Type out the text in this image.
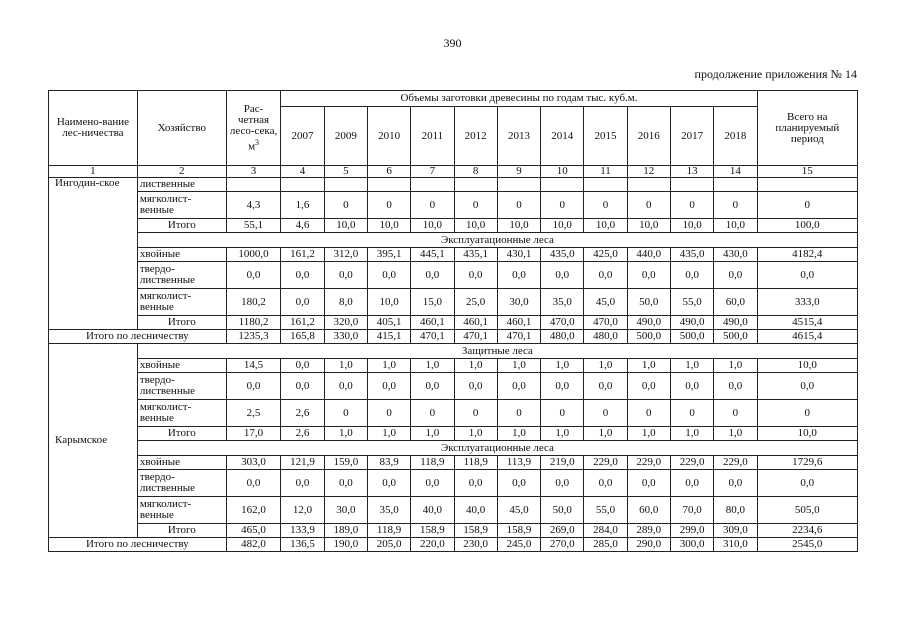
390
продолжение приложения № 14
Наимено-вание лес-ничества	Хозяйство	Рас-четная лесо-сека, $м^3$	Объемы заготовки древесины по годам тыс. куб.м.											Всего на планируемый период
			2007	2009	2010	2011	2012	2013	2014	2015	2016	2017	2018	
1	2	3	4	5	6	7	8	9	10	11	12	13	14	15
Ингодин-ское	лиственные													
	мягколист-венные	4,3	1,6	0	0	0	0	0	0	0	0	0	0	0
	Итого	55,1	4,6	10,0	10,0	10,0	10,0	10,0	10,0	10,0	10,0	10,0	10,0	100,0
	Эксплуатационные леса													
	хвойные	1000,0	161,2	312,0	395,1	445,1	435,1	430,1	435,0	425,0	440,0	435,0	430,0	4182,4
	твердо-лиственные	0,0	0,0	0,0	0,0	0,0	0,0	0,0	0,0	0,0	0,0	0,0	0,0	0,0
	мягколист-венные	180,2	0,0	8,0	10,0	15,0	25,0	30,0	35,0	45,0	50,0	55,0	60,0	333,0
	Итого	1180,2	161,2	320,0	405,1	460,1	460,1	460,1	470,0	470,0	490,0	490,0	490,0	4515,4
Итого по лесничеству		1235,3	165,8	330,0	415,1	470,1	470,1	470,1	480,0	480,0	500,0	500,0	500,0	4615,4
Карымское	Защитные леса													
	хвойные	14,5	0,0	1,0	1,0	1,0	1,0	1,0	1,0	1,0	1,0	1,0	1,0	10,0
	твердо-лиственные	0,0	0,0	0,0	0,0	0,0	0,0	0,0	0,0	0,0	0,0	0,0	0,0	0,0
	мягколист-венные	2,5	2,6	0	0	0	0	0	0	0	0	0	0	0
	Итого	17,0	2,6	1,0	1,0	1,0	1,0	1,0	1,0	1,0	1,0	1,0	1,0	10,0
	Эксплуатационные леса													
	хвойные	303,0	121,9	159,0	83,9	118,9	118,9	113,9	219,0	229,0	229,0	229,0	229,0	1729,6
	твердо-лиственные	0,0	0,0	0,0	0,0	0,0	0,0	0,0	0,0	0,0	0,0	0,0	0,0	0,0
	мягколист-венные	162,0	12,0	30,0	35,0	40,0	40,0	45,0	50,0	55,0	60,0	70,0	80,0	505,0
	Итого	465,0	133,9	189,0	118,9	158,9	158,9	158,9	269,0	284,0	289,0	299,0	309,0	2234,6
Итого по лесничеству		482,0	136,5	190,0	205,0	220,0	230,0	245,0	270,0	285,0	290,0	300,0	310,0	2545,0
